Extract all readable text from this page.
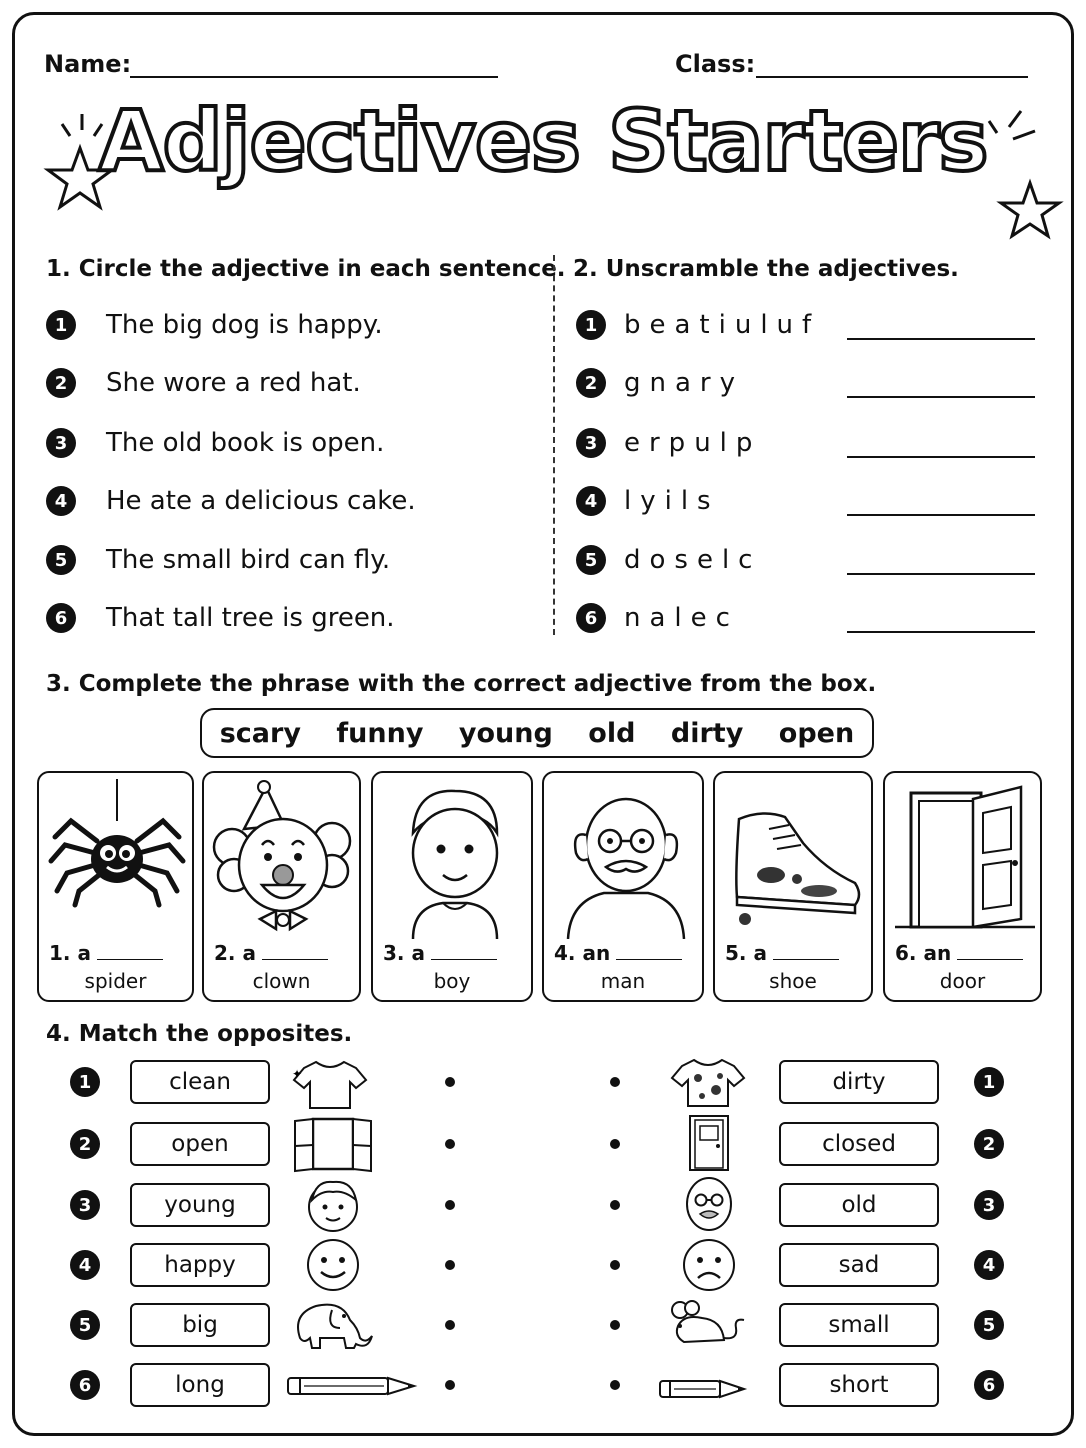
Name:	Class:
Adjectives Starters
1. Circle the adjective in each sentence.
1	The big dog is happy.
2	She wore a red hat.
3	The old book is open.
4	He ate a delicious cake.
5	The small bird can fly.
6	That tall tree is green.
2. Unscramble the adjectives.
1	beatiuluf
2	gnary
3	erpulp
4	lyils
5	doselc
6	nalec
3. Complete the phrase with the correct adjective from the box.
scary funny young old dirty open
1. a
spider
2. a
clown
3. a
boy
4. an
man
5. a
shoe
6. an
door
4. Match the opposites.
1	clean	dirty	1
2	open	closed	2
3	young	old	3
4	happy	sad	4
5	big	small	5
6	long	short	6
✦
